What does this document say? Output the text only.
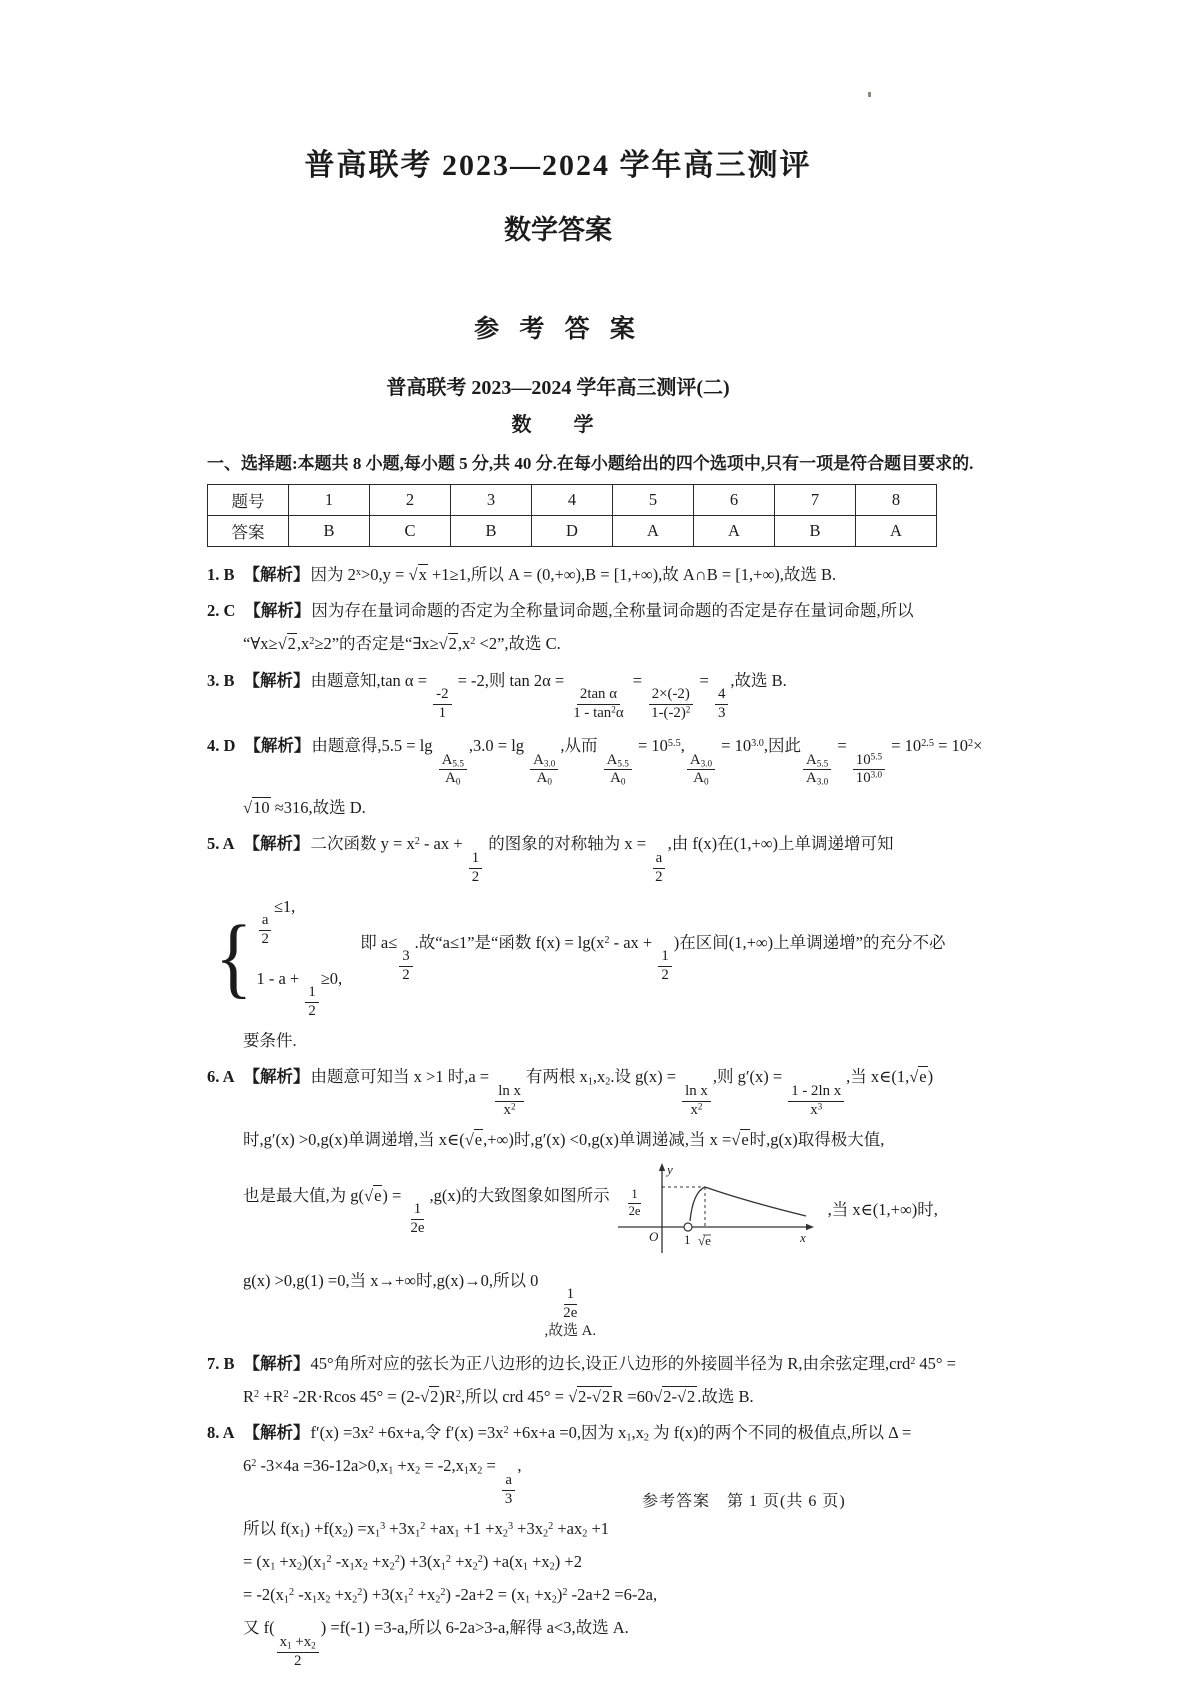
普高联考 2023—2024 学年高三测评
数学答案
参 考 答 案
普高联考 2023—2024 学年高三测评(二)
数　学
一、选择题:本题共 8 小题,每小题 5 分,共 40 分.在每小题给出的四个选项中,只有一项是符合题目要求的.
题号	1	2	3	4	5	6	7	8
答案	B	C	B	D	A	A	B	A
1. B 【解析】因为 $2^x>0,y = √x +1\ge 1$,所以 A = (0,+∞),B = [1,+∞),故 A∩B = [1,+∞),故选 B.
2. C 【解析】因为存在量词命题的否定为全称量词命题,全称量词命题的否定是存在量词命题,所以
“$\forall x\ge√2,x^2\ge 2$”的否定是“$\exists x\ge√2,x^2 <2$”,故选 C.
3. B 【解析】由题意知,tan α =
$\frac{-2}{1}$
= -2,则 tan 2α =
$\frac{\text{2tan α}}{1 - \tan^2\alpha}$
=
$\frac{2\times(-2)}{1-(-2)^2}$
=
$\frac{4}{3}$
,故选 B.
4. D 【解析】由题意得,5.5 = lg
$\frac{A_{5.5}}{A_0}$
,3.0 = lg
$\frac{A_{3.0}}{A_0}$
,从而
$\frac{A_{5.5}}{A_0}$
= $10^{5.5}$,
$\frac{A_{3.0}}{A_0}$
= $10^{3.0}$,因此
$\frac{A_{5.5}}{A_{3.0}}$
=
$\frac{10^{5.5}}{10^{3.0}}$
= $10^{2.5} = 10^2\times$
√10 ≈316,故选 D.
5. A 【解析】二次函数 $y = x^2$ - ax +
$\frac{1}{2}$
的图象的对称轴为 x =
$\frac{a}{2}$
,由 f(x)在(1,+∞)上单调递增可知
{ $\frac{a}{2}$
≤1,
1 - a +
$\frac{1}{2}$
≥0,
即 a≤
$\frac{3}{2}$
.故“a≤1”是“函数 $f(x) = \lg(x^2$ - ax +
$\frac{1}{2}$
)在区间(1,+∞)上单调递增”的充分不必
要条件.
6. A 【解析】由题意可知当 x >1 时,a =
$\frac{\text{ln x}}{x^2}$
有两根 $x_1,x_2$.设 g(x) =
$\frac{\text{ln x}}{x^2}$
,则 g′(x) =
$\frac{\text{1 - 2ln x}}{x^3}$
,当 x∈(1,√e)
时,g′(x) >0,g(x)单调递增,当 x∈(√e,+∞)时,g′(x) <0,g(x)单调递减,当 x =√e时,g(x)取得极大值,
也是最大值,为 g(√e) =
$\frac{1}{2e}$
,g(x)的大致图象如图所示
y
x
O 1 √e
$\frac{1}{2e}$	,当 x∈(1,+∞)时,
g(x) >0,g(1) =0,当 x→+∞时,g(x)→0,所以 0
1
2e
,故选 A.
7. B 【解析】45°角所对应的弦长为正八边形的边长,设正八边形的外接圆半径为 R,由余弦定理,crd$^2$ 45° =
$R^2 +R^2$ -2R·Rcos $45^\circ = (2-√2)R^2$,所以 crd 45° = √2-√2 R =60√2-√2 .故选 B.
8. A 【解析】$f'(x) =3x^2 +6x+a$,令 $f'(x) =3x^2 +6x+a =0$,因为 $x_1,x_2$ 为 f(x)的两个不同的极值点,所以 Δ =
$6^2$ $-3\times 4a =36-12a>0,x_1 +x_2 = -2,x_1x_2$ =
$\frac{a}{3}$
,
所以 $f(x_1) +f(x_2) =x_1^3 +3x_1^2 +ax_1 +1 +x_2^3 +3x_2^2 +ax_2 +1$
= $(x_1 +x_2)(x_1^2$ $-x_1x_2 +x_2^2) +3(x_1^2 +x_2^2) +a(x_1 +x_2) +2$
= $-2(x_1^2$ $-x_1x_2 +x_2^2) +3(x_1^2 +x_2^2)$ $-2a+2 = (x_1 +x_2)^2$ -2a+2 =6-2a,
又 f(
$\frac{x_1 +x_2}{2}$
) =f(-1) =3-a,所以 6-2a>3-a,解得 a<3,故选 A.
参考答案　第 1 页(共 6 页)
